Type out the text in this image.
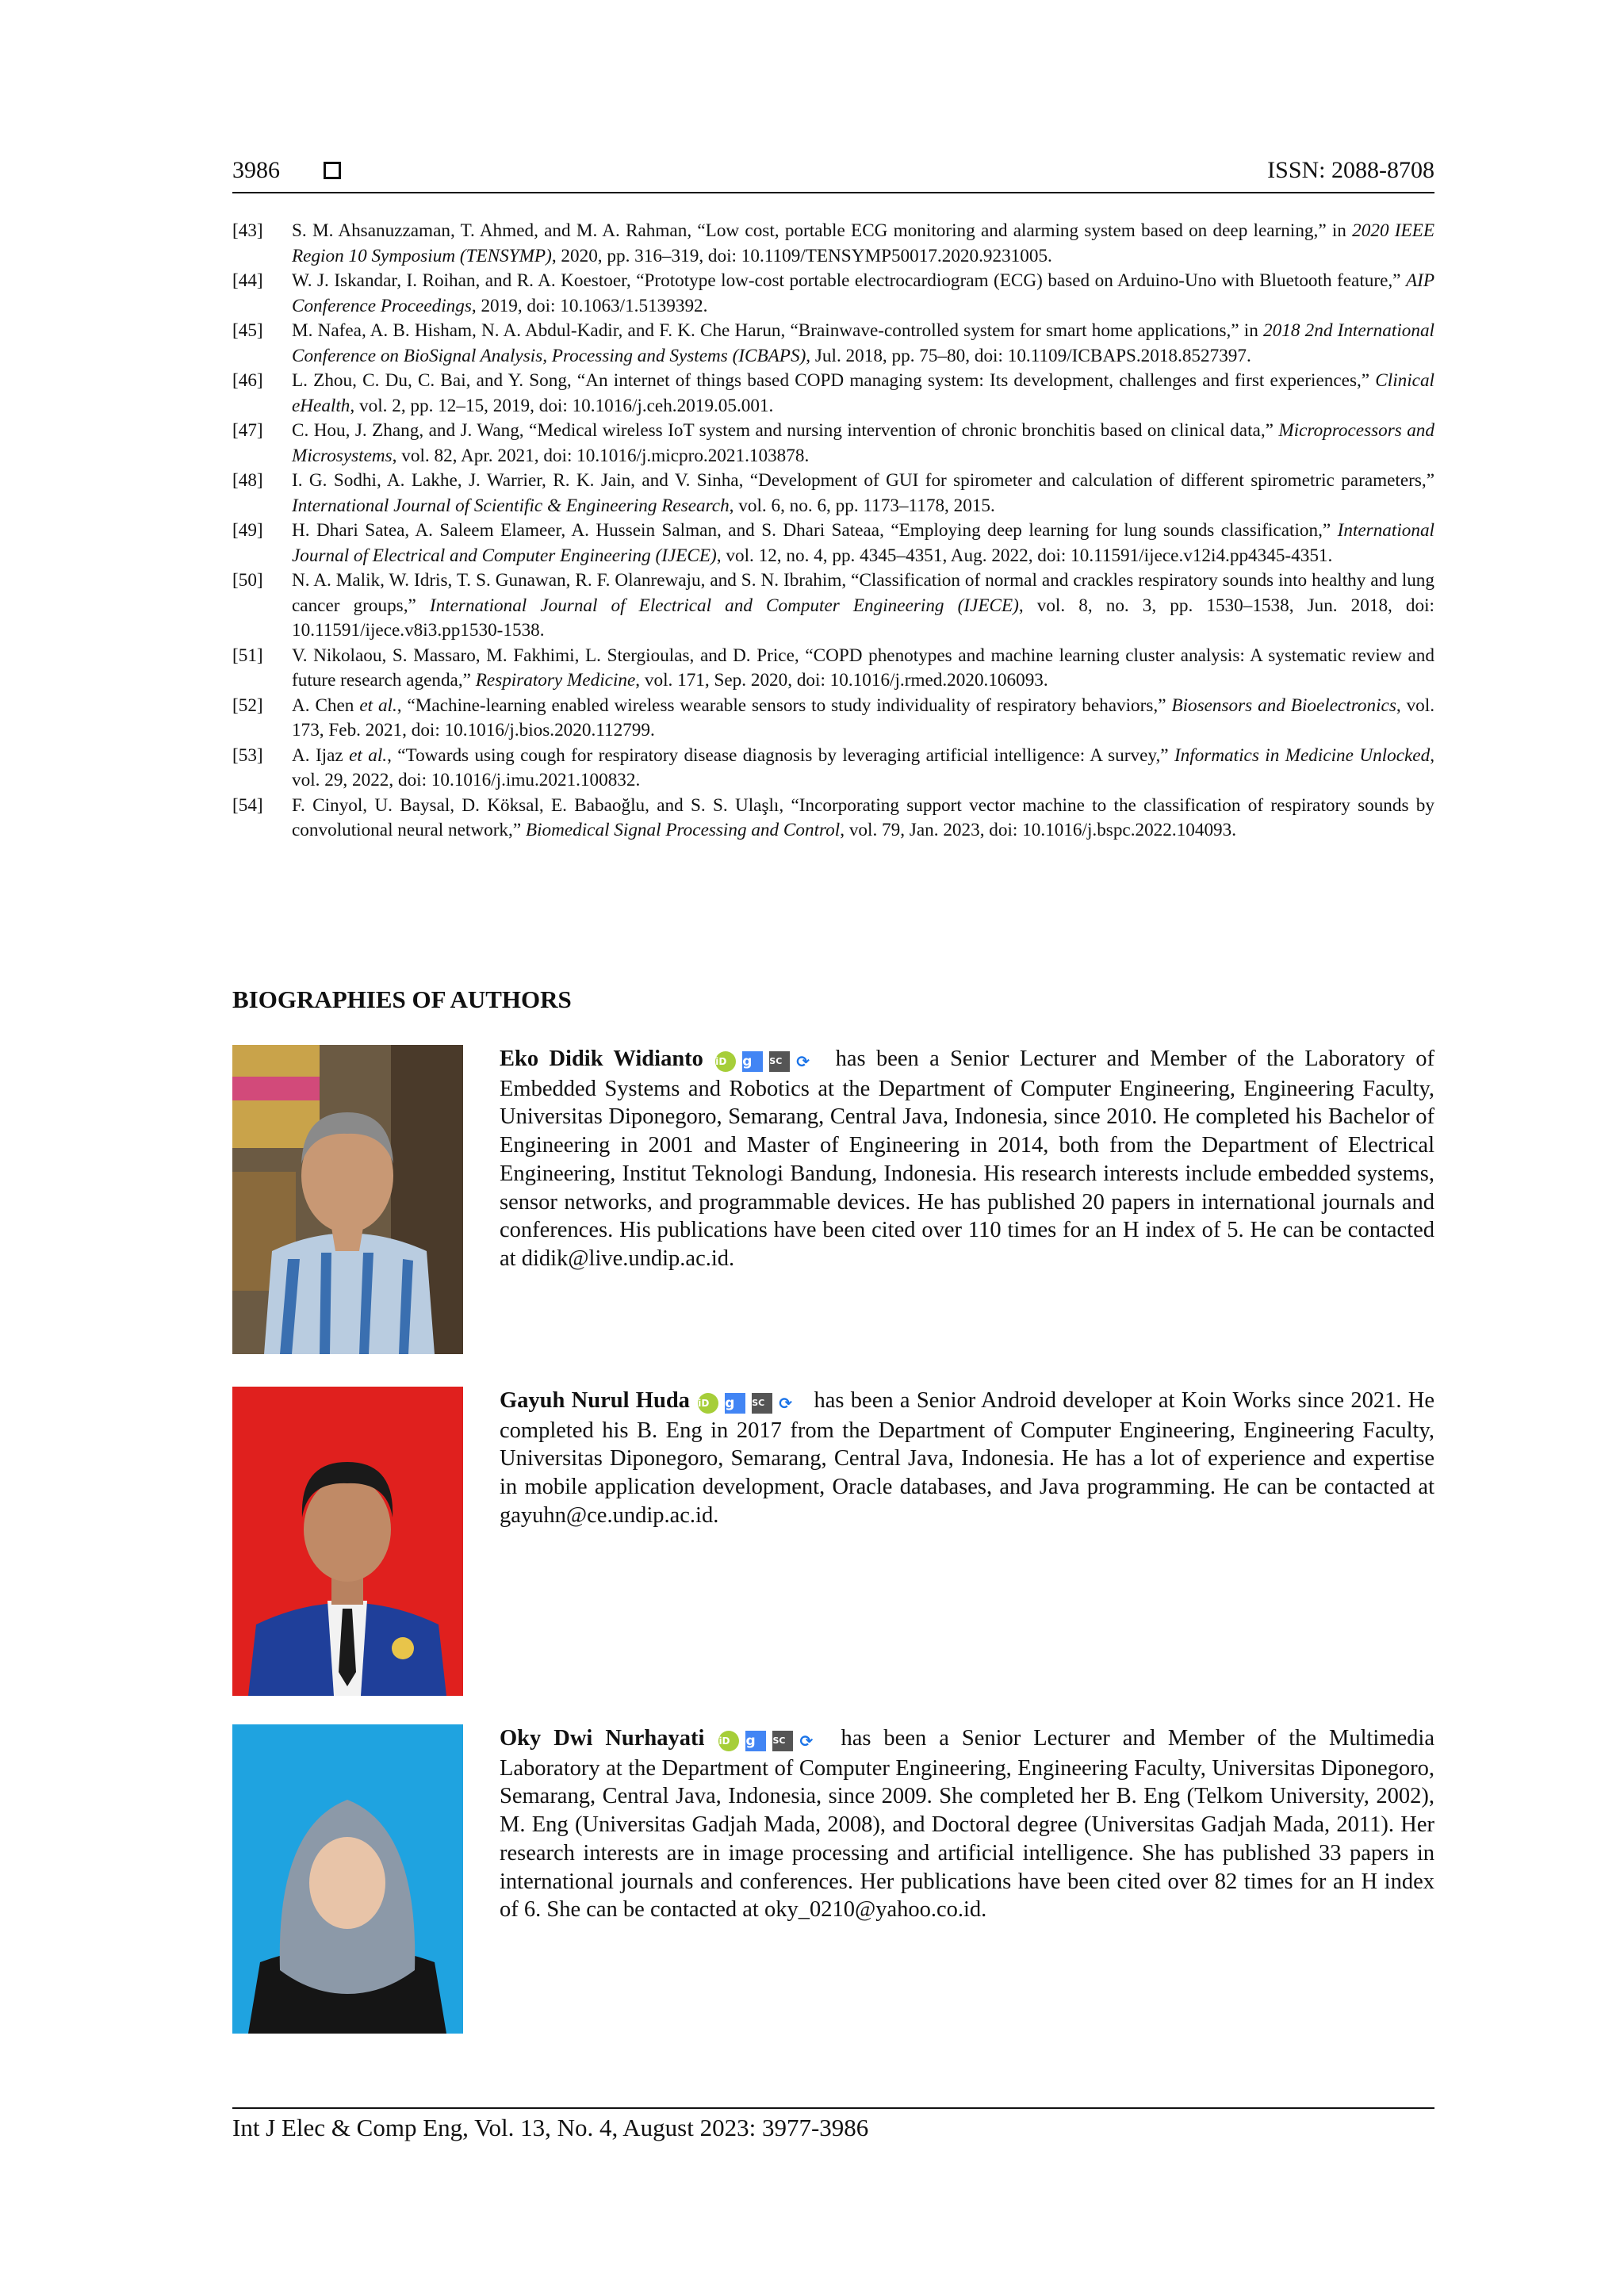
3986	ISSN: 2088-8708
[43] S. M. Ahsanuzzaman, T. Ahmed, and M. A. Rahman, “Low cost, portable ECG monitoring and alarming system based on deep learning,” in 2020 IEEE Region 10 Symposium (TENSYMP), 2020, pp. 316–319, doi: 10.1109/TENSYMP50017.2020.9231005.
[44] W. J. Iskandar, I. Roihan, and R. A. Koestoer, “Prototype low-cost portable electrocardiogram (ECG) based on Arduino-Uno with Bluetooth feature,” AIP Conference Proceedings, 2019, doi: 10.1063/1.5139392.
[45] M. Nafea, A. B. Hisham, N. A. Abdul-Kadir, and F. K. Che Harun, “Brainwave-controlled system for smart home applications,” in 2018 2nd International Conference on BioSignal Analysis, Processing and Systems (ICBAPS), Jul. 2018, pp. 75–80, doi: 10.1109/ICBAPS.2018.8527397.
[46] L. Zhou, C. Du, C. Bai, and Y. Song, “An internet of things based COPD managing system: Its development, challenges and first experiences,” Clinical eHealth, vol. 2, pp. 12–15, 2019, doi: 10.1016/j.ceh.2019.05.001.
[47] C. Hou, J. Zhang, and J. Wang, “Medical wireless IoT system and nursing intervention of chronic bronchitis based on clinical data,” Microprocessors and Microsystems, vol. 82, Apr. 2021, doi: 10.1016/j.micpro.2021.103878.
[48] I. G. Sodhi, A. Lakhe, J. Warrier, R. K. Jain, and V. Sinha, “Development of GUI for spirometer and calculation of different spirometric parameters,” International Journal of Scientific & Engineering Research, vol. 6, no. 6, pp. 1173–1178, 2015.
[49] H. Dhari Satea, A. Saleem Elameer, A. Hussein Salman, and S. Dhari Sateaa, “Employing deep learning for lung sounds classification,” International Journal of Electrical and Computer Engineering (IJECE), vol. 12, no. 4, pp. 4345–4351, Aug. 2022, doi: 10.11591/ijece.v12i4.pp4345-4351.
[50] N. A. Malik, W. Idris, T. S. Gunawan, R. F. Olanrewaju, and S. N. Ibrahim, “Classification of normal and crackles respiratory sounds into healthy and lung cancer groups,” International Journal of Electrical and Computer Engineering (IJECE), vol. 8, no. 3, pp. 1530–1538, Jun. 2018, doi: 10.11591/ijece.v8i3.pp1530-1538.
[51] V. Nikolaou, S. Massaro, M. Fakhimi, L. Stergioulas, and D. Price, “COPD phenotypes and machine learning cluster analysis: A systematic review and future research agenda,” Respiratory Medicine, vol. 171, Sep. 2020, doi: 10.1016/j.rmed.2020.106093.
[52] A. Chen et al., “Machine-learning enabled wireless wearable sensors to study individuality of respiratory behaviors,” Biosensors and Bioelectronics, vol. 173, Feb. 2021, doi: 10.1016/j.bios.2020.112799.
[53] A. Ijaz et al., “Towards using cough for respiratory disease diagnosis by leveraging artificial intelligence: A survey,” Informatics in Medicine Unlocked, vol. 29, 2022, doi: 10.1016/j.imu.2021.100832.
[54] F. Cinyol, U. Baysal, D. Köksal, E. Babaoğlu, and S. S. Ulaşlı, “Incorporating support vector machine to the classification of respiratory sounds by convolutional neural network,” Biomedical Signal Processing and Control, vol. 79, Jan. 2023, doi: 10.1016/j.bspc.2022.104093.
BIOGRAPHIES OF AUTHORS
Eko Didik Widianto iD g SC ⟳ has been a Senior Lecturer and Member of the Laboratory of Embedded Systems and Robotics at the Department of Computer Engineering, Engineering Faculty, Universitas Diponegoro, Semarang, Central Java, Indonesia, since 2010. He completed his Bachelor of Engineering in 2001 and Master of Engineering in 2014, both from the Department of Electrical Engineering, Institut Teknologi Bandung, Indonesia. His research interests include embedded systems, sensor networks, and programmable devices. He has published 20 papers in international journals and conferences. His publications have been cited over 110 times for an H index of 5. He can be contacted at didik@live.undip.ac.id.
Gayuh Nurul Huda iD g SC ⟳ has been a Senior Android developer at Koin Works since 2021. He completed his B. Eng in 2017 from the Department of Computer Engineering, Engineering Faculty, Universitas Diponegoro, Semarang, Central Java, Indonesia. He has a lot of experience and expertise in mobile application development, Oracle databases, and Java programming. He can be contacted at gayuhn@ce.undip.ac.id.
Oky Dwi Nurhayati iD g SC ⟳ has been a Senior Lecturer and Member of the Multimedia Laboratory at the Department of Computer Engineering, Engineering Faculty, Universitas Diponegoro, Semarang, Central Java, Indonesia, since 2009. She completed her B. Eng (Telkom University, 2002), M. Eng (Universitas Gadjah Mada, 2008), and Doctoral degree (Universitas Gadjah Mada, 2011). Her research interests are in image processing and artificial intelligence. She has published 33 papers in international journals and conferences. Her publications have been cited over 82 times for an H index of 6. She can be contacted at oky_0210@yahoo.co.id.
Int J Elec & Comp Eng, Vol. 13, No. 4, August 2023: 3977-3986
